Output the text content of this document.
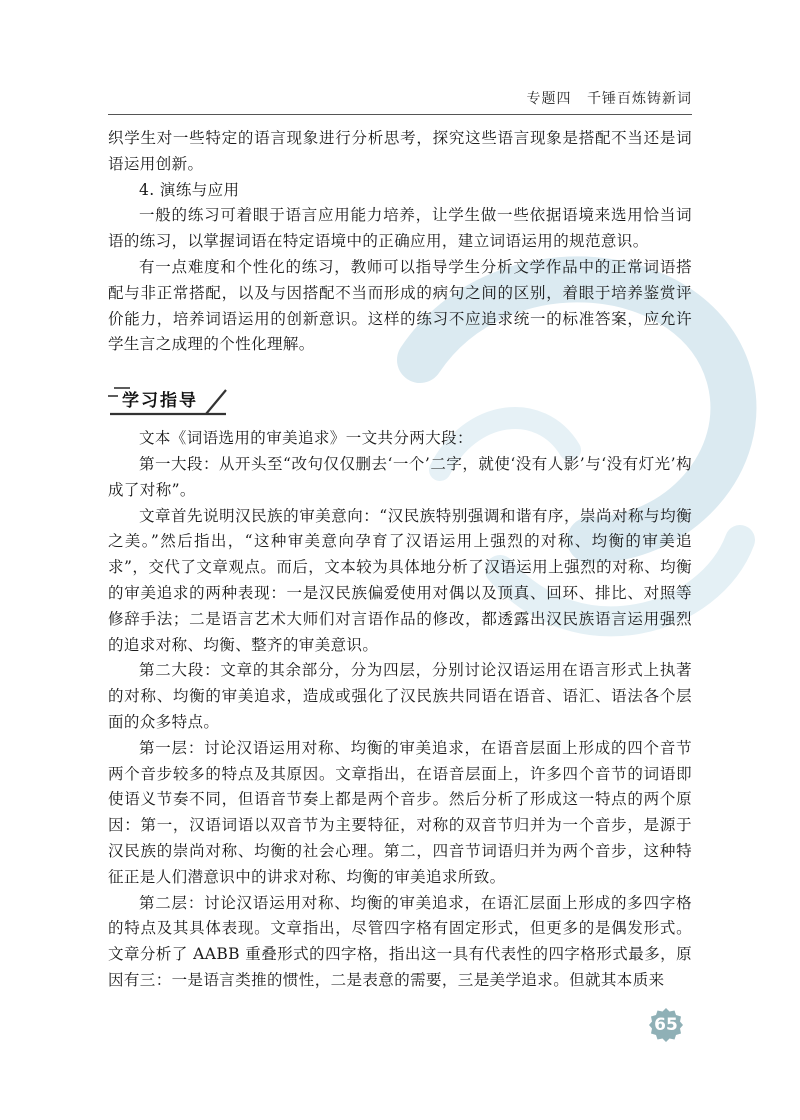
专题四 千锤百炼铸新词

织学生对一些特定的语言现象进行分析思考，探究这些语言现象是搭配不当还是词语运用创新。

4. 演练与应用

一般的练习可着眼于语言应用能力培养，让学生做一些依据语境来选用恰当词语的练习，以掌握词语在特定语境中的正确应用，建立词语运用的规范意识。

有一点难度和个性化的练习，教师可以指导学生分析文学作品中的正常词语搭配与非正常搭配，以及与因搭配不当而形成的病句之间的区别，着眼于培养鉴赏评价能力，培养词语运用的创新意识。这样的练习不应追求统一的标准答案，应允许学生言之成理的个性化理解。

学习指导

文本《词语选用的审美追求》一文共分两大段：

第一大段：从开头至“改句仅仅删去‘一个’二字，就使‘没有人影’与‘没有灯光’构成了对称”。

文章首先说明汉民族的审美意向：“汉民族特别强调和谐有序，崇尚对称与均衡之美。”然后指出，“这种审美意向孕育了汉语运用上强烈的对称、均衡的审美追求”，交代了文章观点。而后，文本较为具体地分析了汉语运用上强烈的对称、均衡的审美追求的两种表现：一是汉民族偏爱使用对偶以及顶真、回环、排比、对照等修辞手法；二是语言艺术大师们对言语作品的修改，都透露出汉民族语言运用强烈的追求对称、均衡、整齐的审美意识。

第二大段：文章的其余部分，分为四层，分别讨论汉语运用在语言形式上执著的对称、均衡的审美追求，造成或强化了汉民族共同语在语音、语汇、语法各个层面的众多特点。

第一层：讨论汉语运用对称、均衡的审美追求，在语音层面上形成的四个音节两个音步较多的特点及其原因。文章指出，在语音层面上，许多四个音节的词语即使语义节奏不同，但语音节奏上都是两个音步。然后分析了形成这一特点的两个原因：第一，汉语词语以双音节为主要特征，对称的双音节归并为一个音步，是源于汉民族的崇尚对称、均衡的社会心理。第二，四音节词语归并为两个音步，这种特征正是人们潜意识中的讲求对称、均衡的审美追求所致。

第二层：讨论汉语运用对称、均衡的审美追求，在语汇层面上形成的多四字格的特点及其具体表现。文章指出，尽管四字格有固定形式，但更多的是偶发形式。文章分析了 AABB 重叠形式的四字格，指出这一具有代表性的四字格形式最多，原因有三：一是语言类推的惯性，二是表意的需要，三是美学追求。但就其本质来

65
